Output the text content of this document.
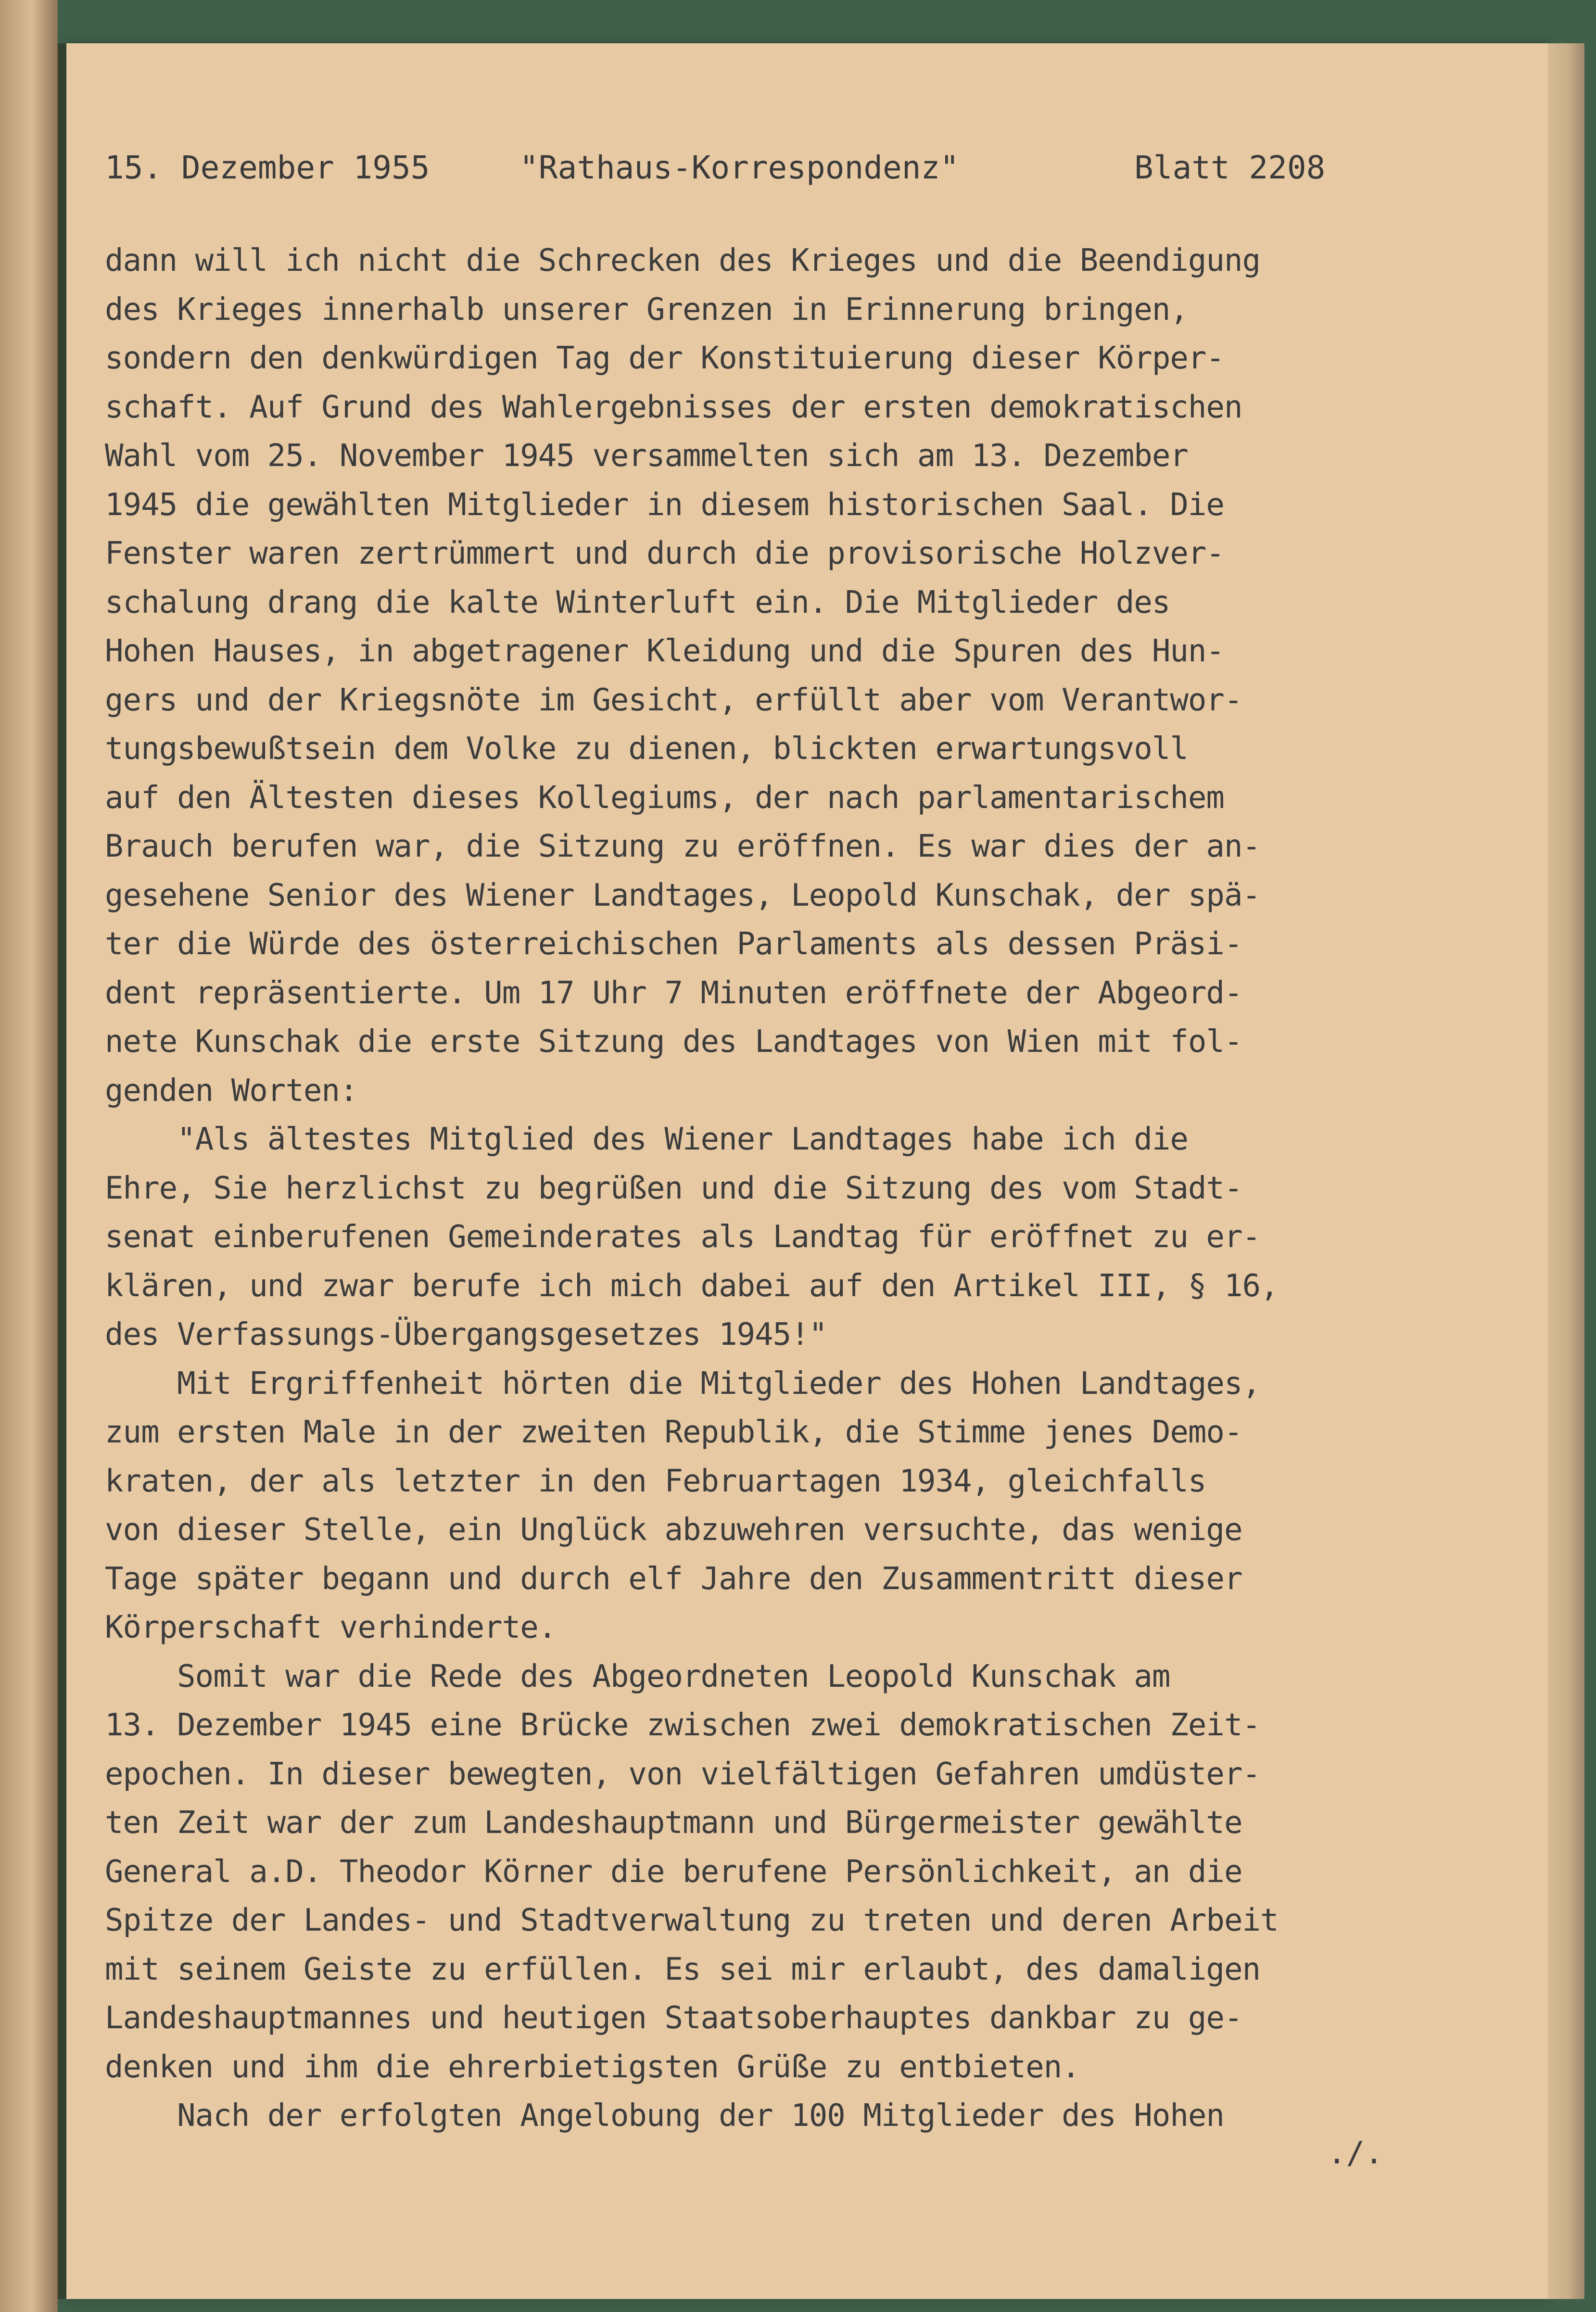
15. Dezember 1955	"Rathaus-Korrespondenz"	Blatt 2208
dann will ich nicht die Schrecken des Krieges und die Beendigung
des Krieges innerhalb unserer Grenzen in Erinnerung bringen,
sondern den denkwürdigen Tag der Konstituierung dieser Körper-
schaft. Auf Grund des Wahlergebnisses der ersten demokratischen
Wahl vom 25. November 1945 versammelten sich am 13. Dezember
1945 die gewählten Mitglieder in diesem historischen Saal. Die
Fenster waren zertrümmert und durch die provisorische Holzver-
schalung drang die kalte Winterluft ein. Die Mitglieder des
Hohen Hauses, in abgetragener Kleidung und die Spuren des Hun-
gers und der Kriegsnöte im Gesicht, erfüllt aber vom Verantwor-
tungsbewußtsein dem Volke zu dienen, blickten erwartungsvoll
auf den Ältesten dieses Kollegiums, der nach parlamentarischem
Brauch berufen war, die Sitzung zu eröffnen. Es war dies der an-
gesehene Senior des Wiener Landtages, Leopold Kunschak, der spä-
ter die Würde des österreichischen Parlaments als dessen Präsi-
dent repräsentierte. Um 17 Uhr 7 Minuten eröffnete der Abgeord-
nete Kunschak die erste Sitzung des Landtages von Wien mit fol-
genden Worten:
"Als ältestes Mitglied des Wiener Landtages habe ich die
Ehre, Sie herzlichst zu begrüßen und die Sitzung des vom Stadt-
senat einberufenen Gemeinderates als Landtag für eröffnet zu er-
klären, und zwar berufe ich mich dabei auf den Artikel III, § 16,
des Verfassungs-Übergangsgesetzes 1945!"
Mit Ergriffenheit hörten die Mitglieder des Hohen Landtages,
zum ersten Male in der zweiten Republik, die Stimme jenes Demo-
kraten, der als letzter in den Februartagen 1934, gleichfalls
von dieser Stelle, ein Unglück abzuwehren versuchte, das wenige
Tage später begann und durch elf Jahre den Zusammentritt dieser
Körperschaft verhinderte.
Somit war die Rede des Abgeordneten Leopold Kunschak am
13. Dezember 1945 eine Brücke zwischen zwei demokratischen Zeit-
epochen. In dieser bewegten, von vielfältigen Gefahren umdüster-
ten Zeit war der zum Landeshauptmann und Bürgermeister gewählte
General a.D. Theodor Körner die berufene Persönlichkeit, an die
Spitze der Landes- und Stadtverwaltung zu treten und deren Arbeit
mit seinem Geiste zu erfüllen. Es sei mir erlaubt, des damaligen
Landeshauptmannes und heutigen Staatsoberhauptes dankbar zu ge-
denken und ihm die ehrerbietigsten Grüße zu entbieten.
Nach der erfolgten Angelobung der 100 Mitglieder des Hohen
./.
